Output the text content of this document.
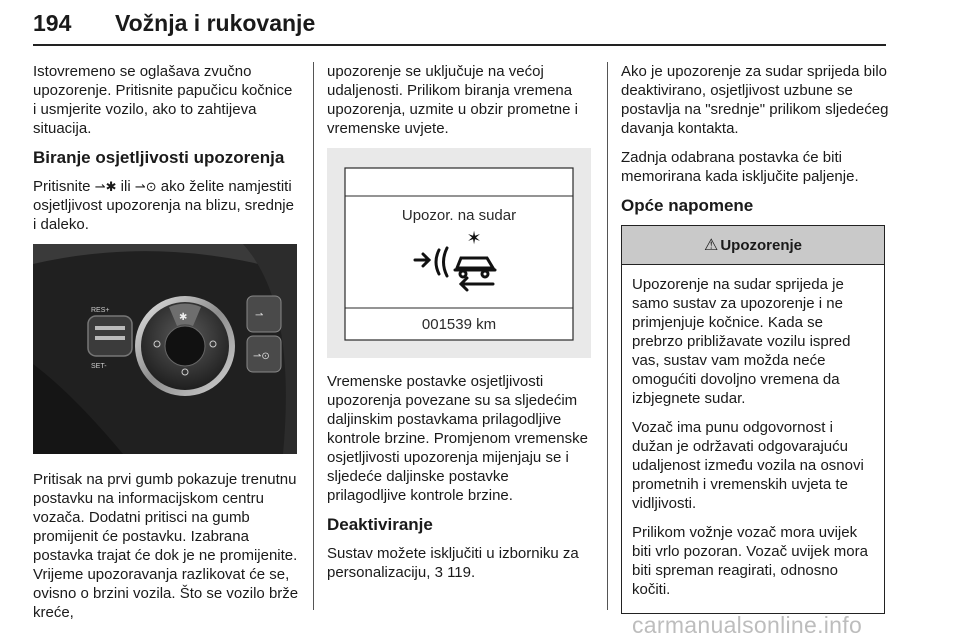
194 Vožnja i rukovanje

Istovremeno se oglašava zvučno upozorenje. Pritisnite papučicu kočnice i usmjerite vozilo, ako to zahtijeva situacija.

Biranje osjetljivosti upozorenja

Pritisnite ⇀✱ ili ⇀⊙ ako želite namjestiti osjetljivost upozorenja na blizu, srednje i daleko.

RES+
SET-
✱	⇀
⇀⊙

Pritisak na prvi gumb pokazuje trenutnu postavku na informacijskom centru vozača. Dodatni pritisci na gumb promijenit će postavku. Izabrana postavka trajat će dok je ne promijenite. Vrijeme upozoravanja razlikovat će se, ovisno o brzini vozila. Što se vozilo brže kreće,

upozorenje se uključuje na većoj udaljenosti. Prilikom biranja vremena upozorenja, uzmite u obzir prometne i vremenske uvjete.

Upozor. na sudar
✶
001539 km

Vremenske postavke osjetljivosti upozorenja povezane su sa sljedećim daljinskim postavkama prilagodljive kontrole brzine. Promjenom vremenske osjetljivosti upozorenja mijenjaju se i sljedeće daljinske postavke prilagodljive kontrole brzine.

Deaktiviranje

Sustav možete isključiti u izborniku za personalizaciju, 3 119.

Ako je upozorenje za sudar sprijeda bilo deaktivirano, osjetljivost uzbune se postavlja na "srednje" prilikom sljedećeg davanja kontakta.

Zadnja odabrana postavka će biti memorirana kada isključite paljenje.

Opće napomene
⚠ Upozorenje

Upozorenje na sudar sprijeda je samo sustav za upozorenje i ne primjenjuje kočnice. Kada se prebrzo približavate vozilu ispred vas, sustav vam možda neće omogućiti dovoljno vremena da izbjegnete sudar.

Vozač ima punu odgovornost i dužan je održavati odgovarajuću udaljenost između vozila na osnovi prometnih i vremenskih uvjeta te vidljivosti.

Prilikom vožnje vozač mora uvijek biti vrlo pozoran. Vozač uvijek mora biti spreman reagirati, odnosno kočiti.

carmanualsonline.info
